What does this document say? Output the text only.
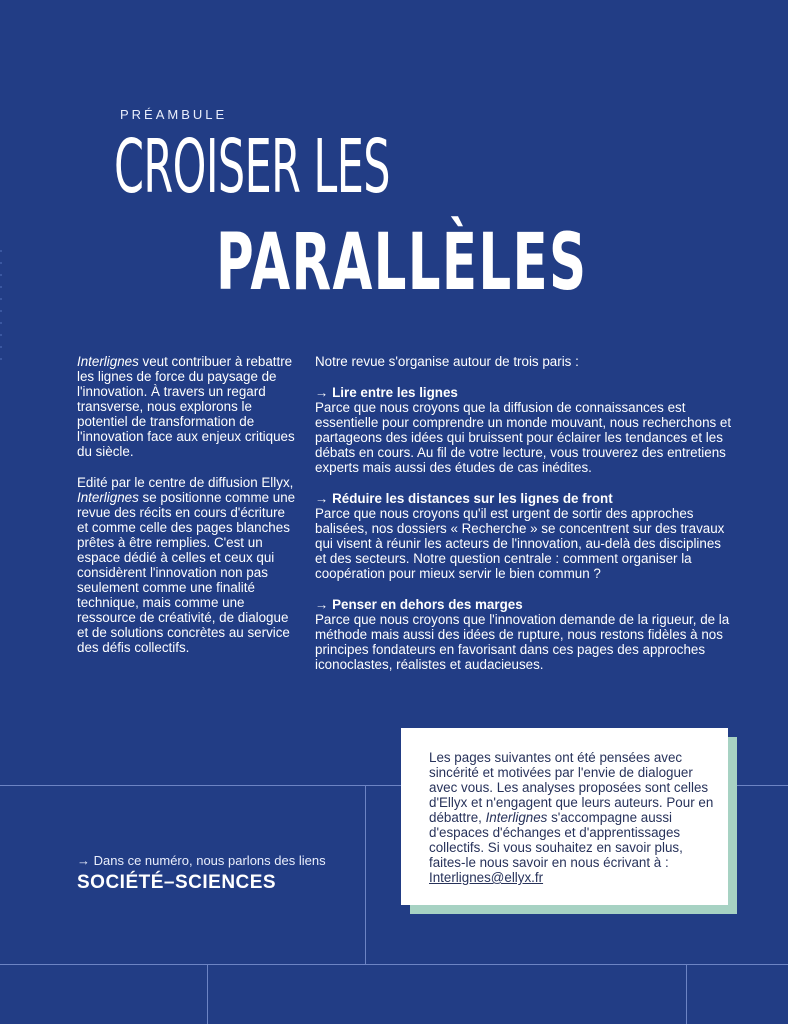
PRÉAMBULE
CROISER LES
PARALLÈLES

Interlignes veut contribuer à rebattre les lignes de force du paysage de l'innovation. À travers un regard transverse, nous explorons le potentiel de transformation de l'innovation face aux enjeux critiques du siècle.

Edité par le centre de diffusion Ellyx, Interlignes se positionne comme une revue des récits en cours d'écriture et comme celle des pages blanches prêtes à être remplies. C'est un espace dédié à celles et ceux qui considèrent l'innovation non pas seulement comme une finalité technique, mais comme une ressource de créativité, de dialogue et de solutions concrètes au service des défis collectifs.

Notre revue s'organise autour de trois paris :

→ Lire entre les lignes

Parce que nous croyons que la diffusion de connaissances est essentielle pour comprendre un monde mouvant, nous recherchons et partageons des idées qui bruissent pour éclairer les tendances et les débats en cours. Au fil de votre lecture, vous trouverez des entretiens experts mais aussi des études de cas inédites.

→ Réduire les distances sur les lignes de front

Parce que nous croyons qu'il est urgent de sortir des approches balisées, nos dossiers « Recherche » se concentrent sur des travaux qui visent à réunir les acteurs de l'innovation, au-delà des disciplines et des secteurs. Notre question centrale : comment organiser la coopération pour mieux servir le bien commun ?

→ Penser en dehors des marges

Parce que nous croyons que l'innovation demande de la rigueur, de la méthode mais aussi des idées de rupture, nous restons fidèles à nos principes fondateurs en favorisant dans ces pages des approches iconoclastes, réalistes et audacieuses.

→ Dans ce numéro, nous parlons des liens
SOCIÉTÉ–SCIENCES

Les pages suivantes ont été pensées avec sincérité et motivées par l'envie de dialoguer avec vous. Les analyses proposées sont celles d'Ellyx et n'engagent que leurs auteurs. Pour en débattre, Interlignes s'accompagne aussi d'espaces d'échanges et d'apprentissages collectifs. Si vous souhaitez en savoir plus, faites-le nous savoir en nous écrivant à : Interlignes@ellyx.fr
